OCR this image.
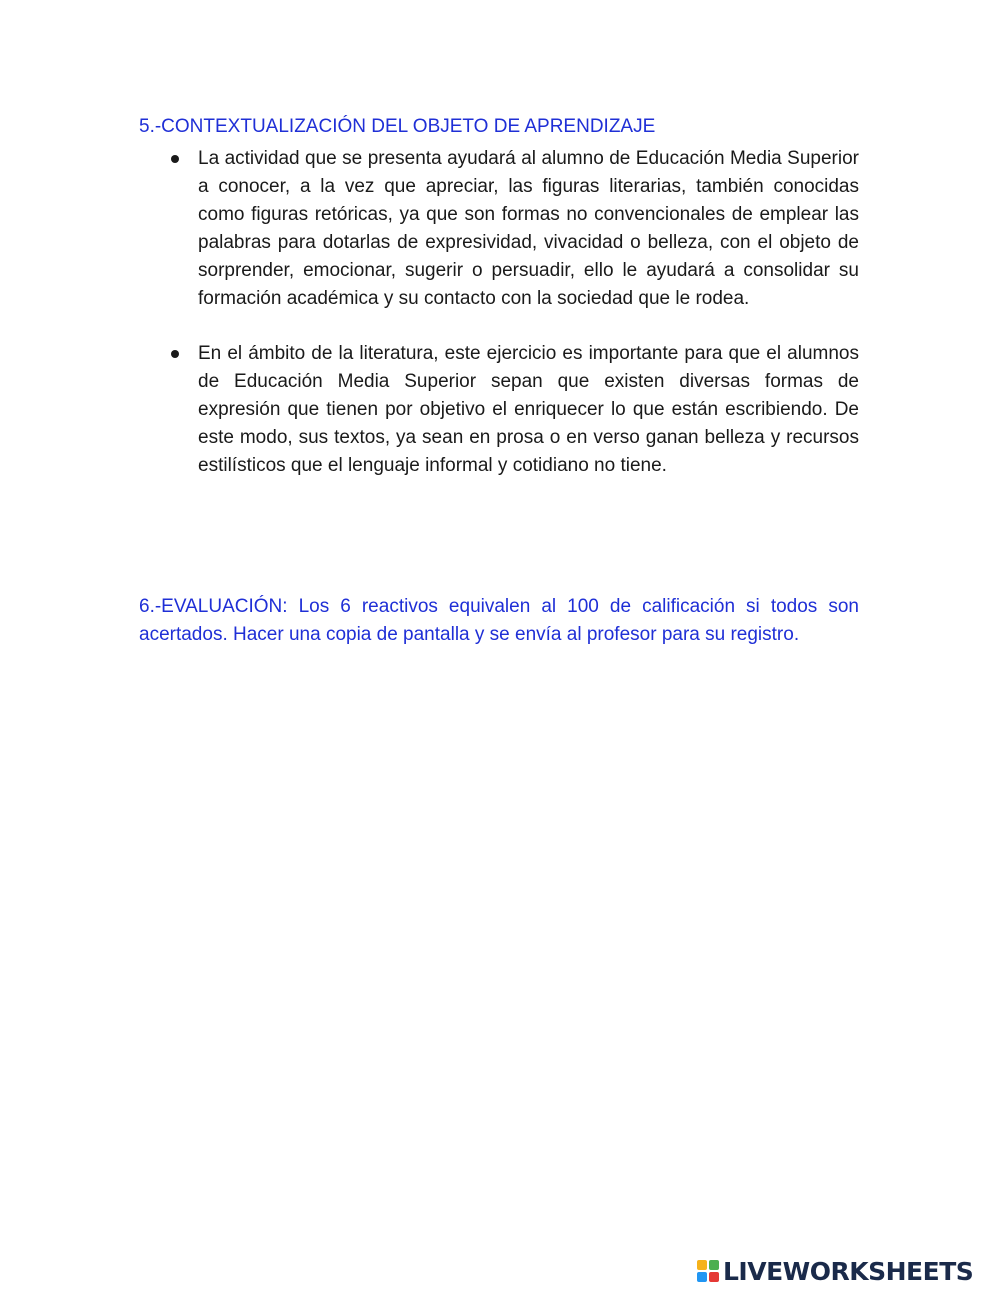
5.-CONTEXTUALIZACIÓN DEL OBJETO DE APRENDIZAJE
La actividad que se presenta ayudará al alumno de Educación Media Superior a conocer, a la vez que apreciar, las figuras literarias, también conocidas como figuras retóricas, ya que son formas no convencionales de emplear las palabras para dotarlas de expresividad, vivacidad o belleza, con el objeto de sorprender, emocionar, sugerir o persuadir, ello le ayudará a consolidar su formación académica y su contacto con la sociedad que le rodea.
En el ámbito de la literatura, este ejercicio es importante para que el alumnos de Educación Media Superior sepan que existen diversas formas de expresión que tienen por objetivo el enriquecer lo que están escribiendo. De este modo, sus textos, ya sean en prosa o en verso ganan belleza y recursos estilísticos que el lenguaje informal y cotidiano no tiene.

6.-EVALUACIÓN: Los 6 reactivos equivalen al 100 de calificación si todos son acertados. Hacer una copia de pantalla y se envía al profesor para su registro.

LIVEWORKSHEETS
